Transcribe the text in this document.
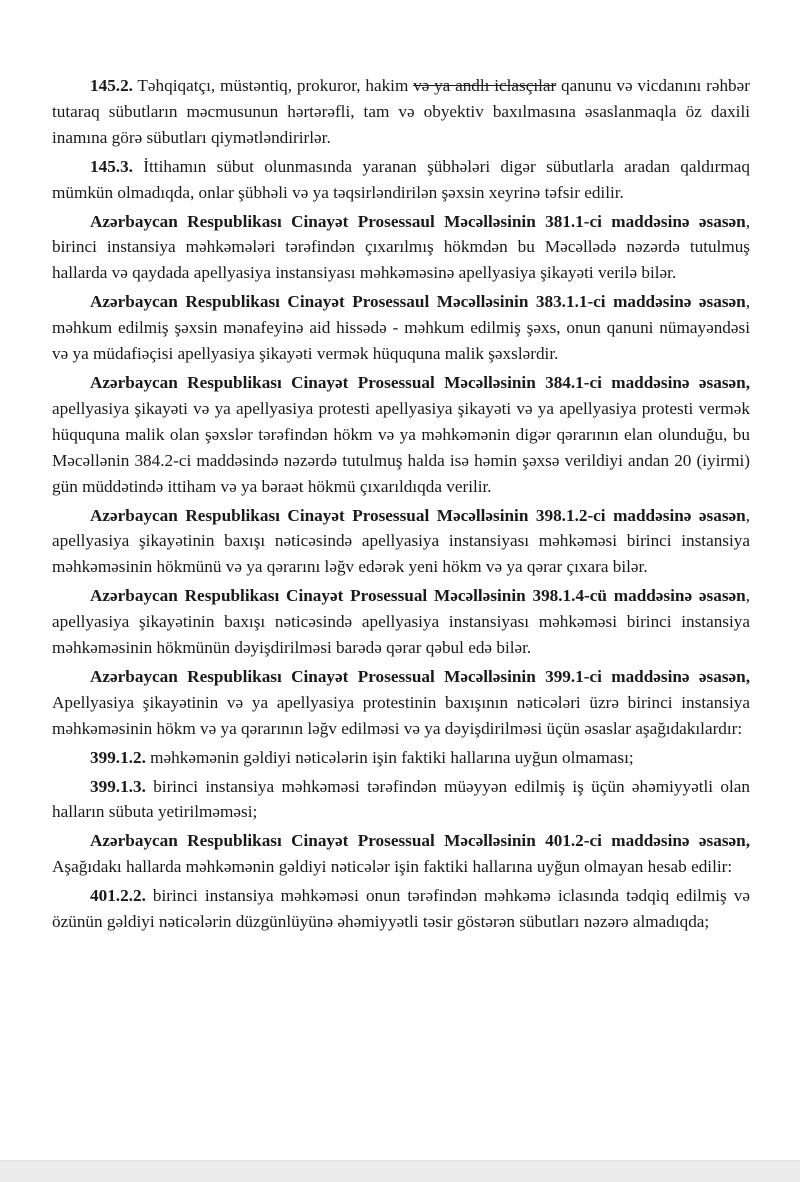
145.2. Təhqiqatçı, müstəntiq, prokuror, hakim və ya andlı iclasçılar qanunu və vicdanını rəhbər tutaraq sübutların məcmusunun hərtərəfli, tam və obyektiv baxılmasına əsaslanmaqla öz daxili inamına görə sübutları qiymətləndirirlər.

145.3. İttihamın sübut olunmasında yaranan şübhələri digər sübutlarla aradan qaldırmaq mümkün olmadıqda, onlar şübhəli və ya təqsirləndirilən şəxsin xeyrinə təfsir edilir.

Azərbaycan Respublikası Cinayət Prosessaul Məcəlləsinin 381.1-ci maddəsinə əsasən, birinci instansiya məhkəmələri tərəfindən çıxarılmış hökmdən bu Məcəllədə nəzərdə tutulmuş hallarda və qaydada apellyasiya instansiyası məhkəməsinə apellyasiya şikayəti verilə bilər.

Azərbaycan Respublikası Cinayət Prosessaul Məcəlləsinin 383.1.1-ci maddəsinə əsasən, məhkum edilmiş şəxsin mənafeyinə aid hissədə - məhkum edilmiş şəxs, onun qanuni nümayəndəsi və ya müdafiəçisi apellyasiya şikayəti vermək hüququna malik şəxslərdir.

Azərbaycan Respublikası Cinayət Prosessual Məcəlləsinin 384.1-ci maddəsinə əsasən, apellyasiya şikayəti və ya apellyasiya protesti apellyasiya şikayəti və ya apellyasiya protesti vermək hüququna malik olan şəxslər tərəfindən hökm və ya məhkəmənin digər qərarının elan olunduğu, bu Məcəllənin 384.2-ci maddəsində nəzərdə tutulmuş halda isə həmin şəxsə verildiyi andan 20 (iyirmi) gün müddətində ittiham və ya bəraət hökmü çıxarıldıqda verilir.

Azərbaycan Respublikası Cinayət Prosessual Məcəlləsinin 398.1.2-ci maddəsinə əsasən, apellyasiya şikayətinin baxışı nəticəsində apellyasiya instansiyası məhkəməsi birinci instansiya məhkəməsinin hökmünü və ya qərarını ləğv edərək yeni hökm və ya qərar çıxara bilər.

Azərbaycan Respublikası Cinayət Prosessual Məcəlləsinin 398.1.4-cü maddəsinə əsasən, apellyasiya şikayətinin baxışı nəticəsində apellyasiya instansiyası məhkəməsi birinci instansiya məhkəməsinin hökmünün dəyişdirilməsi barədə qərar qəbul edə bilər.

Azərbaycan Respublikası Cinayət Prosessual Məcəlləsinin 399.1-ci maddəsinə əsasən, Apellyasiya şikayətinin və ya apellyasiya protestinin baxışının nəticələri üzrə birinci instansiya məhkəməsinin hökm və ya qərarının ləğv edilməsi və ya dəyişdirilməsi üçün əsaslar aşağıdakılardır:

399.1.2. məhkəmənin gəldiyi nəticələrin işin faktiki hallarına uyğun olmaması;

399.1.3. birinci instansiya məhkəməsi tərəfindən müəyyən edilmiş iş üçün əhəmiyyətli olan halların sübuta yetirilməməsi;

Azərbaycan Respublikası Cinayət Prosessual Məcəlləsinin 401.2-ci maddəsinə əsasən, Aşağıdakı hallarda məhkəmənin gəldiyi nəticələr işin faktiki hallarına uyğun olmayan hesab edilir:

401.2.2. birinci instansiya məhkəməsi onun tərəfindən məhkəmə iclasında tədqiq edilmiş və özünün gəldiyi nəticələrin düzgünlüyünə əhəmiyyətli təsir göstərən sübutları nəzərə almadıqda;
